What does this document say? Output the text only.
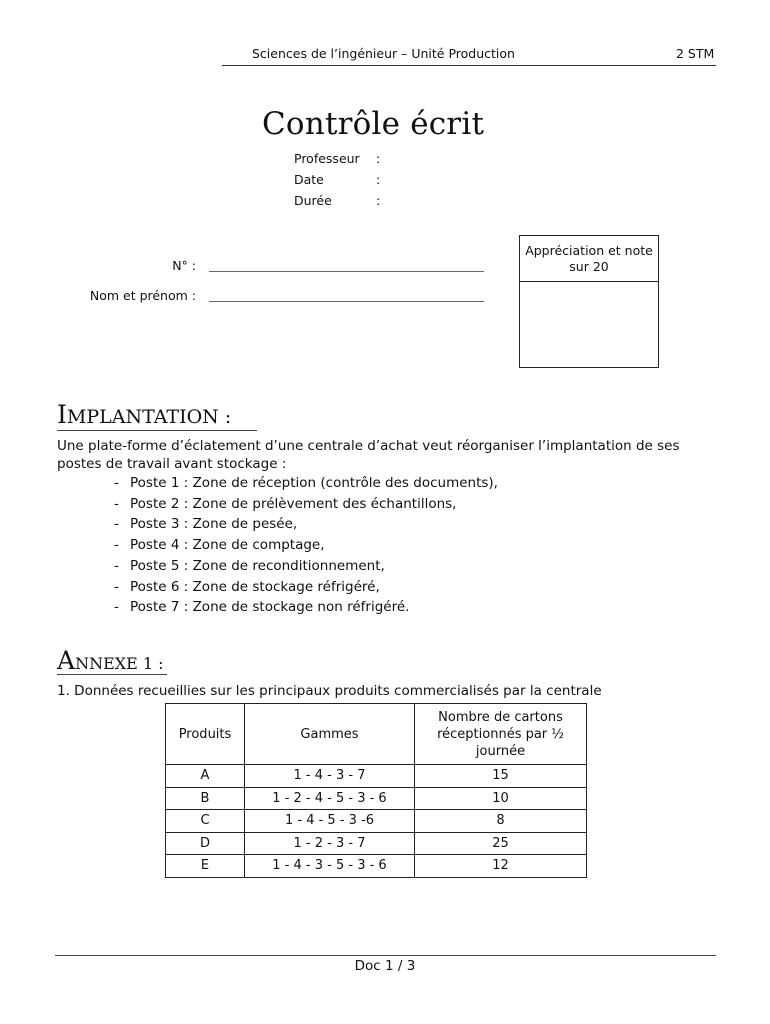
Sciences de l’ingénieur – Unité Production	2 STM
Contrôle écrit
Professeur :
Date	:
Durée	:
N° :
Nom et prénom :
Appréciation et note sur 20
IMPLANTATION :
Une plate-forme d’éclatement d’une centrale d’achat veut réorganiser l’implantation de ses postes de travail avant stockage :
- Poste 1 : Zone de réception (contrôle des documents),
- Poste 2 : Zone de prélèvement des échantillons,
- Poste 3 : Zone de pesée,
- Poste 4 : Zone de comptage,
- Poste 5 : Zone de reconditionnement,
- Poste 6 : Zone de stockage réfrigéré,
- Poste 7 : Zone de stockage non réfrigéré.
ANNEXE 1 :
1. Données recueillies sur les principaux produits commercialisés par la centrale
Produits	Gammes	Nombre de cartons réceptionnés par ½ journée
A	1 - 4 - 3 - 7	15
B	1 - 2 - 4 - 5 - 3 - 6	10
C	1 - 4 - 5 - 3 -6	8
D	1 - 2 - 3 - 7	25
E	1 - 4 - 3 - 5 - 3 - 6	12
Doc 1 / 3
